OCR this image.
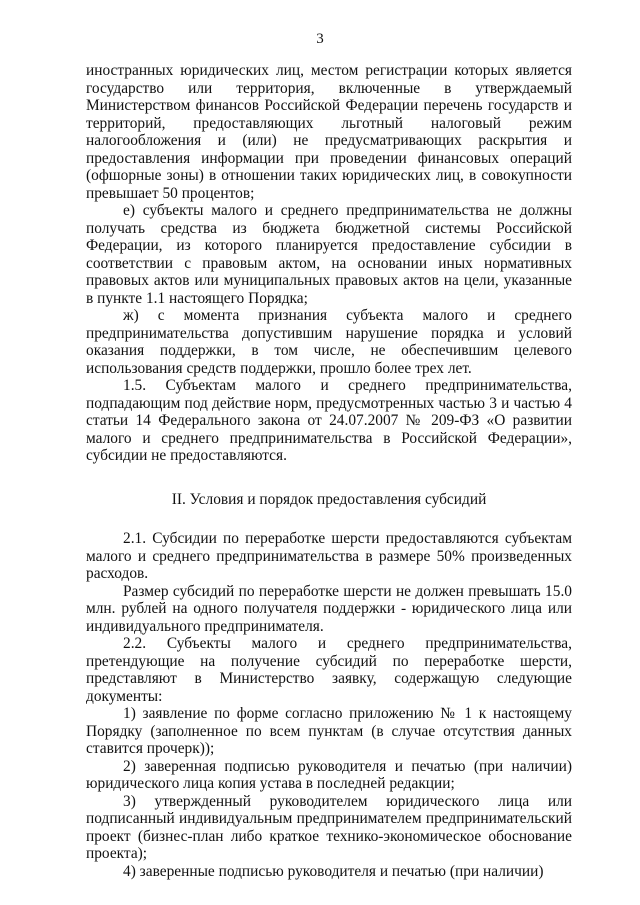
3

иностранных юридических лиц, местом регистрации которых является государство или территория, включенные в утверждаемый Министерством финансов Российской Федерации перечень государств и территорий, предоставляющих льготный налоговый режим налогообложения и (или) не предусматривающих раскрытия и предоставления информации при проведении финансовых операций (офшорные зоны) в отношении таких юридических лиц, в совокупности превышает 50 процентов;

е) субъекты малого и среднего предпринимательства не должны получать средства из бюджета бюджетной системы Российской Федерации, из которого планируется предоставление субсидии в соответствии с правовым актом, на основании иных нормативных правовых актов или муниципальных правовых актов на цели, указанные в пункте 1.1 настоящего Порядка;

ж) с момента признания субъекта малого и среднего предпринимательства допустившим нарушение порядка и условий оказания поддержки, в том числе, не обеспечившим целевого использования средств поддержки, прошло более трех лет.

1.5. Субъектам малого и среднего предпринимательства, подпадающим под действие норм, предусмотренных частью 3 и частью 4 статьи 14 Федерального закона от 24.07.2007 № 209-ФЗ «О развитии малого и среднего предпринимательства в Российской Федерации», субсидии не предоставляются.

II. Условия и порядок предоставления субсидий

2.1. Субсидии по переработке шерсти предоставляются субъектам малого и среднего предпринимательства в размере 50% произведенных расходов.

Размер субсидий по переработке шерсти не должен превышать 15.0 млн. рублей на одного получателя поддержки - юридического лица или индивидуального предпринимателя.

2.2. Субъекты малого и среднего предпринимательства, претендующие на получение субсидий по переработке шерсти, представляют в Министерство заявку, содержащую следующие документы:

1) заявление по форме согласно приложению № 1 к настоящему Порядку (заполненное по всем пунктам (в случае отсутствия данных ставится прочерк));

2) заверенная подписью руководителя и печатью (при наличии) юридического лица копия устава в последней редакции;

3) утвержденный руководителем юридического лица или подписанный индивидуальным предпринимателем предпринимательский проект (бизнес-план либо краткое технико-экономическое обоснование проекта);

4) заверенные подписью руководителя и печатью (при наличии)
